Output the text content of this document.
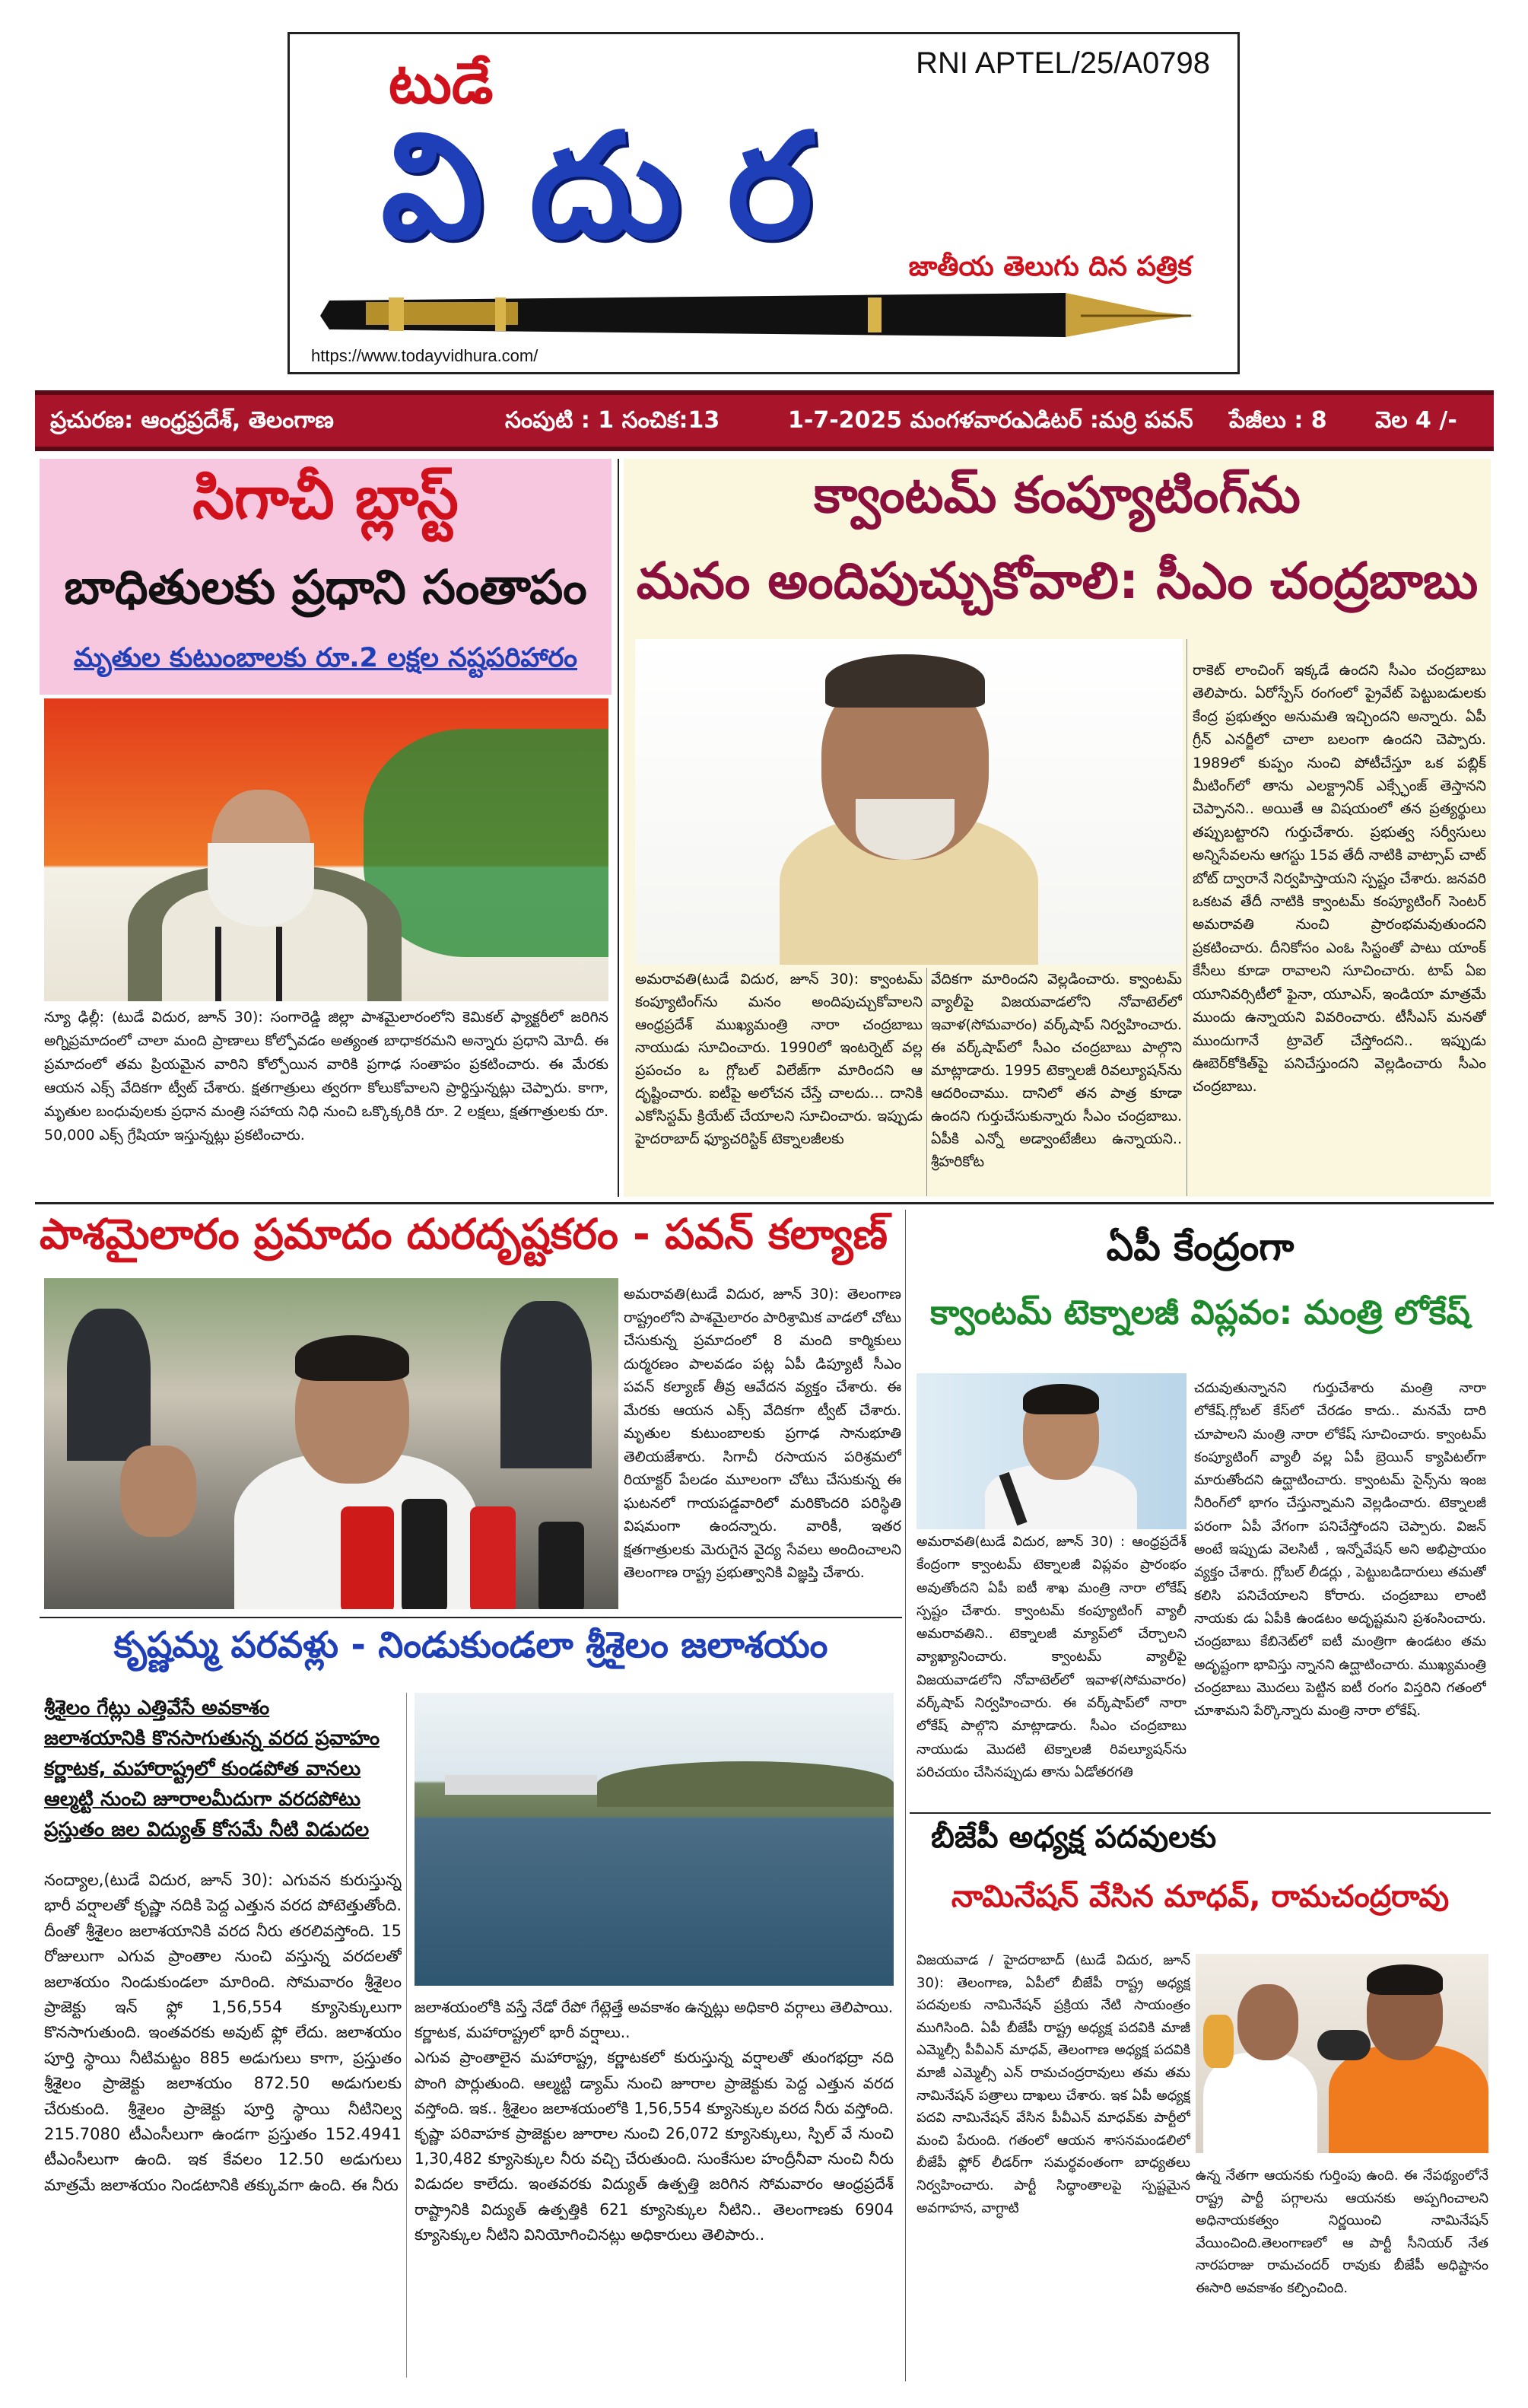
RNI APTEL/25/A0798
టుడే
విదుర	జాతీయ తెలుగు దిన పత్రిక
https://www.todayvidhura.com/
ప్రచురణ: ఆంధ్రప్రదేశ్, తెలంగాణ	సంపుటి : 1 సంచిక:13	1-7-2025 మంగళవారం
ఎడిటర్ :మర్రి పవన్ పేజీలు : 8 వెల 4 /-
సిగాచీ బ్లాస్ట్
బాధితులకు ప్రధాని సంతాపం
మృతుల కుటుంబాలకు రూ.2 లక్షల నష్టపరిహారం
న్యూ ఢిల్లీ: (టుడే విదుర, జూన్ 30): సంగారెడ్డి జిల్లా పాశమైలారంలోని కెమికల్ ఫ్యాక్టరీలో జరిగిన అగ్నిప్రమాదంలో చాలా మంది ప్రాణాలు కోల్పోవడం అత్యంత బాధాకరమని అన్నారు ప్రధాని మోదీ. ఈ ప్రమాదంలో తమ ప్రియమైన వారిని కోల్పోయిన వారికి ప్రగాఢ సంతాపం ప్రకటించారు. ఈ మేరకు ఆయన ఎక్స్ వేదికగా ట్వీట్ చేశారు. క్షతగాత్రులు త్వరగా కోలుకోవాలని ప్రార్థిస్తున్నట్లు చెప్పారు. కాగా, మృతుల బంధువులకు ప్రధాన మంత్రి సహాయ నిధి నుంచి ఒక్కొక్కరికి రూ. 2 లక్షలు, క్షతగాత్రులకు రూ. 50,000 ఎక్స్ గ్రేషియా ఇస్తున్నట్లు ప్రకటించారు.
క్వాంటమ్ కంప్యూటింగ్‌ను
మనం అందిపుచ్చుకోవాలి: సీఎం చంద్రబాబు
అమరావతి(టుడే విదుర, జూన్ 30): క్వాంటమ్ కంప్యూటింగ్‌ను మనం అందిపుచ్చుకోవాలని ఆంధ్రప్రదేశ్ ముఖ్యమంత్రి నారా చంద్రబాబు నాయుడు సూచించారు. 1990లో ఇంటర్నెట్ వల్ల ప్రపంచం ఒ గ్లోబల్ విలేజ్‌గా మారిందని ఆ దృష్టించారు. ఐటీపై అలోచన చేస్తే చాలదు... దానికి ఎకోసిస్టమ్ క్రియేట్ చేయాలని సూచించారు. ఇప్పుడు హైదరాబాద్ ఫ్యూచరిస్టిక్ టెక్నాలజీలకు
వేదికగా మారిందని వెల్లడించారు. క్వాంటమ్ వ్యాలీపై విజయవాడలోని నోవాటెల్‌లో ఇవాళ(సోమవారం) వర్క్‌షాప్ నిర్వహించారు. ఈ వర్క్‌షాప్‌లో సీఎం చంద్రబాబు పాల్గొని మాట్లాడారు. 1995 టెక్నాలజీ రివల్యూషన్‌ను ఆదరించాము. దానిలో తన పాత్ర కూడా ఉందని గుర్తుచేసుకున్నారు సీఎం చంద్రబాబు. ఏపీకి ఎన్నో అడ్వాంటేజీలు ఉన్నాయని.. శ్రీహరికోట
రాకెట్ లాంచింగ్ ఇక్కడే ఉందని సీఎం చంద్రబాబు తెలిపారు. ఏరోస్పేస్ రంగంలో ప్రైవేట్ పెట్టుబడులకు కేంద్ర ప్రభుత్వం అనుమతి ఇచ్చిందని అన్నారు. ఏపీ గ్రీన్ ఎనర్జీలో చాలా బలంగా ఉందని చెప్పారు. 1989లో కుప్పం నుంచి పోటీచేస్తూ ఒక పబ్లిక్ మీటింగ్‌లో తాను ఎలక్ట్రానిక్ ఎక్స్ఛేంజ్ తెస్తానని చెప్పానని.. అయితే ఆ విషయంలో తన ప్రత్యర్థులు తప్పుబట్టారని గుర్తుచేశారు. ప్రభుత్వ సర్వీసులు అన్నిసేవలను ఆగస్టు 15వ తేదీ నాటికి వాట్సాప్ చాట్ బోట్ ద్వారానే నిర్వహిస్తాయని స్పష్టం చేశారు. జనవరి ఒకటవ తేదీ నాటికి క్వాంటమ్ కంప్యూటింగ్ సెంటర్ అమరావతి నుంచి ప్రారంభమవుతుందని ప్రకటించారు. దీనికోసం ఎంఓ సిస్టంతో పాటు యాంక్ కేసీలు కూడా రావాలని సూచించారు. టాప్ ఏఐ యూనివర్సిటీలో ఫైనా, యూఎస్, ఇండియా మాత్రమే ముందు ఉన్నాయని వివరించారు. టీసీఎస్ మనతో ముందుగానే ట్రావెల్ చేస్తోందని.. ఇప్పుడు ఊబెర్‌కోకిత్‌పై పనిచేస్తుందని వెల్లడించారు సీఎం చంద్రబాబు.
పాశమైలారం ప్రమాదం దురదృష్టకరం - పవన్ కల్యాణ్
అమరావతి(టుడే విదుర, జూన్ 30): తెలంగాణ రాష్ట్రంలోని పాశమైలారం పారిశ్రామిక వాడలో చోటు చేసుకున్న ప్రమాదంలో 8 మంది కార్మికులు దుర్మరణం పాలవడం పట్ల ఏపీ డిప్యూటీ సీఎం పవన్ కల్యాణ్ తీవ్ర ఆవేదన వ్యక్తం చేశారు. ఈ మేరకు ఆయన ఎక్స్ వేదికగా ట్వీట్ చేశారు. మృతుల కుటుంబాలకు ప్రగాఢ సానుభూతి తెలియజేశారు. సిగాచీ రసాయన పరిశ్రమలో రియాక్టర్ పేలడం మూలంగా చోటు చేసుకున్న ఈ ఘటనలో గాయపడ్డవారిలో మరికొందరి పరిస్థితి విషమంగా ఉందన్నారు. వారికీ, ఇతర క్షతగాత్రులకు మెరుగైన వైద్య సేవలు అందించాలని తెలంగాణ రాష్ట్ర ప్రభుత్వానికి విజ్ఞప్తి చేశారు.
ఏపీ కేంద్రంగా
క్వాంటమ్ టెక్నాలజీ విప్లవం: మంత్రి లోకేష్
అమరావతి(టుడే విదుర, జూన్ 30) : ఆంధ్రప్రదేశ్ కేంద్రంగా క్వాంటమ్ టెక్నాలజీ విప్లవం ప్రారంభం అవుతోందని ఏపీ ఐటీ శాఖ మంత్రి నారా లోకేష్ స్పష్టం చేశారు. క్వాంటమ్ కంప్యూటింగ్ వ్యాలీ అమరావతిని.. టెక్నాలజీ మ్యాప్‌లో చేర్చాలని వ్యాఖ్యానించారు. క్వాంటమ్ వ్యాలీపై విజయవాడలోని నోవాటెల్‌లో ఇవాళ(సోమవారం) వర్క్‌షాప్ నిర్వహించారు. ఈ వర్క్‌షాప్‌లో నారా లోకేష్ పాల్గొని మాట్లాడారు. సీఎం చంద్రబాబు నాయుడు మొదటి టెక్నాలజీ రివల్యూషన్‌ను పరిచయం చేసినప్పుడు తాను ఏడోతరగతి
చదువుతున్నానని గుర్తుచేశారు మంత్రి నారా లోకేష్.గ్లోబల్ కేస్‌లో చేరడం కాదు.. మనమే దారి చూపాలని మంత్రి నారా లోకేష్ సూచించారు. క్వాంటమ్ కంప్యూటింగ్ వ్యాలీ వల్ల ఏపీ బ్రెయిన్ క్యాపిటల్‌గా మారుతోందని ఉద్ఘాటించారు. క్వాంటమ్ సైన్స్‌ను ఇంజ నీరింగ్‌లో భాగం చేస్తున్నామని వెల్లడించారు. టెక్నాలజీ పరంగా ఏపీ వేగంగా పనిచేస్తోందని చెప్పారు. విజన్ అంటే ఇప్పుడు వెలసిటీ , ఇన్నోవేషన్ అని అభిప్రాయం వ్యక్తం చేశారు. గ్లోబల్ లీడర్లు , పెట్టుబడిదారులు తమతో కలిసి పనిచేయాలని కోరారు. చంద్రబాబు లాంటి నాయకు డు ఏపీకి ఉండటం అదృష్టమని ప్రశంసించారు. చంద్రబాబు కేబినెట్‌లో ఐటీ మంత్రిగా ఉండటం తమ అదృష్టంగా భావిస్తు న్నానని ఉద్ఘాటించారు. ముఖ్యమంత్రి చంద్రబాబు మొదలు పెట్టిన ఐటీ రంగం విస్తరిని గతంలో చూశామని పేర్కొన్నారు మంత్రి నారా లోకేష్.
బీజేపీ అధ్యక్ష పదవులకు
నామినేషన్ వేసిన మాధవ్, రామచంద్రరావు
విజయవాడ / హైదరాబాద్ (టుడే విదుర, జూన్ 30): తెలంగాణ, ఏపీలో బీజేపీ రాష్ట్ర అధ్యక్ష పదవులకు నామినేషన్ ప్రక్రియ నేటి సాయంత్రం ముగిసింది. ఏపీ బీజేపీ రాష్ట్ర అధ్యక్ష పదవికి మాజీ ఎమ్మెల్సీ పీవీఎన్ మాధవ్, తెలంగాణ అధ్యక్ష పదవికి మాజీ ఎమ్మెల్సీ ఎన్ రామచంద్రరావులు తమ తమ నామినేషన్ పత్రాలు దాఖలు చేశారు. ఇక ఏపీ అధ్యక్ష పదవి నామినేషన్ వేసిన పీవీఎన్ మాధవ్‌కు పార్టీలో మంచి పేరుంది. గతంలో ఆయన శాసనమండలిలో బీజేపీ ఫ్లోర్ లీడర్‌గా సమర్థవంతంగా బాధ్యతలు నిర్వహించారు. పార్టీ సిద్ధాంతాలపై స్పష్టమైన అవగాహన, వాగ్ధాటి
ఉన్న నేతగా ఆయనకు గుర్తింపు ఉంది. ఈ నేపథ్యంలోనే రాష్ట్ర పార్టీ పగ్గాలను ఆయనకు అప్పగించాలని అధినాయకత్వం నిర్ణయించి నామినేషన్ వేయించింది.తెలంగాణలో ఆ పార్టీ సీనియర్ నేత నారపరాజు రామచందర్ రావుకు బీజేపీ అధిష్టానం ఈసారి అవకాశం కల్పించింది.
కృష్ణమ్మ పరవళ్లు - నిండుకుండలా శ్రీశైలం జలాశయం
శ్రీశైలం గేట్లు ఎత్తివేసే అవకాశం
జలాశయానికి కొనసాగుతున్న వరద ప్రవాహం
కర్ణాటక, మహారాష్ట్రలో కుండపోత వానలు
ఆల్మట్టి నుంచి జూరాలమీదుగా వరదపోటు
ప్రస్తుతం జల విద్యుత్ కోసమే నీటి విడుదల
నంద్యాల,(టుడే విదుర, జూన్ 30): ఎగువన కురుస్తున్న భారీ వర్షాలతో కృష్ణా నదికి పెద్ద ఎత్తున వరద పోటెత్తుతోంది. దీంతో శ్రీశైలం జలాశయానికి వరద నీరు తరలివస్తోంది. 15 రోజులుగా ఎగువ ప్రాంతాల నుంచి వస్తున్న వరదలతో జలాశయం నిండుకుండలా మారింది. సోమవారం శ్రీశైలం ప్రాజెక్టు ఇన్ ఫ్లో 1,56,554 క్యూసెక్కులుగా కొనసాగుతుంది. ఇంతవరకు అవుట్ ఫ్లో లేదు. జలాశయం పూర్తి స్థాయి నీటిమట్టం 885 అడుగులు కాగా, ప్రస్తుతం శ్రీశైలం ప్రాజెక్టు జలాశయం 872.50 అడుగులకు చేరుకుంది. శ్రీశైలం ప్రాజెక్టు పూర్తి స్థాయి నీటినిల్వ 215.7080 టీఎంసీలుగా ఉండగా ప్రస్తుతం 152.4941 టీఎంసీలుగా ఉంది. ఇక కేవలం 12.50 అడుగులు మాత్రమే జలాశయం నిండటానికి తక్కువగా ఉంది. ఈ నీరు
జలాశయంలోకి వస్తే నేడో రేపో గేట్లెత్తే అవకాశం ఉన్నట్లు అధికారి వర్గాలు తెలిపాయి.
కర్ణాటక, మహారాష్ట్రలో భారీ వర్షాలు..
ఎగువ ప్రాంతాలైన మహారాష్ట్ర, కర్ణాటకలో కురుస్తున్న వర్షాలతో తుంగభద్రా నది పొంగి పొర్లుతుంది. ఆల్మట్టి డ్యామ్ నుంచి జూరాల ప్రాజెక్టుకు పెద్ద ఎత్తున వరద వస్తోంది. ఇక.. శ్రీశైలం జలాశయంలోకి 1,56,554 క్యూసెక్కుల వరద నీరు వస్తోంది. కృష్ణా పరివాహక ప్రాజెక్టుల జూరాల నుంచి 26,072 క్యూసెక్కులు, స్పిల్ వే నుంచి 1,30,482 క్యూసెక్కుల నీరు వచ్చి చేరుతుంది. సుంకేసుల హంద్రీనీవా నుంచి నీరు విడుదల కాలేదు. ఇంతవరకు విద్యుత్ ఉత్పత్తి జరిగిన సోమవారం ఆంధ్రప్రదేశ్ రాష్ట్రానికి విద్యుత్ ఉత్పత్తికి 621 క్యూసెక్కుల నీటిని.. తెలంగాణకు 6904 క్యూసెక్కుల నీటిని వినియోగించినట్లు అధికారులు తెలిపారు..
